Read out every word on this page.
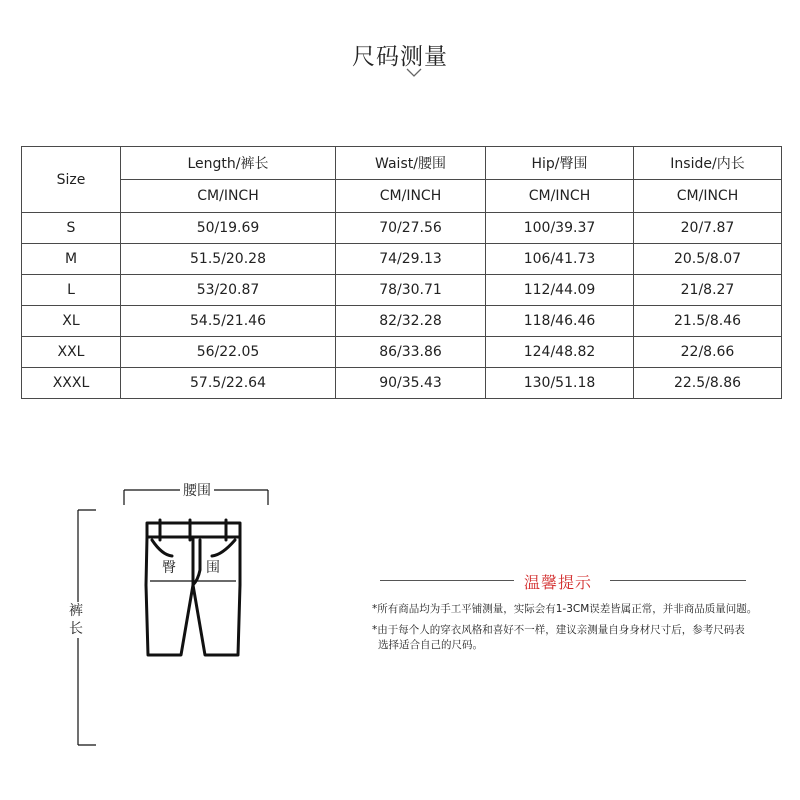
尺码测量
Size	Length/裤长	Waist/腰围	Hip/臀围	Inside/内长
	CM/INCH	CM/INCH	CM/INCH	CM/INCH
S	50/19.69	70/27.56	100/39.37	20/7.87
M	51.5/20.28	74/29.13	106/41.73	20.5/8.07
L	53/20.87	78/30.71	112/44.09	21/8.27
XL	54.5/21.46	82/32.28	118/46.46	21.5/8.46
XXL	56/22.05	86/33.86	124/48.82	22/8.66
XXXL	57.5/22.64	90/35.43	130/51.18	22.5/8.86
腰围
裤长
臀 围
温馨提示
*所有商品均为手工平铺测量，实际会有1-3CM误差皆属正常，并非商品质量问题。
*由于每个人的穿衣风格和喜好不一样，建议亲测量自身身材尺寸后，参考尺码表
选择适合自己的尺码。
